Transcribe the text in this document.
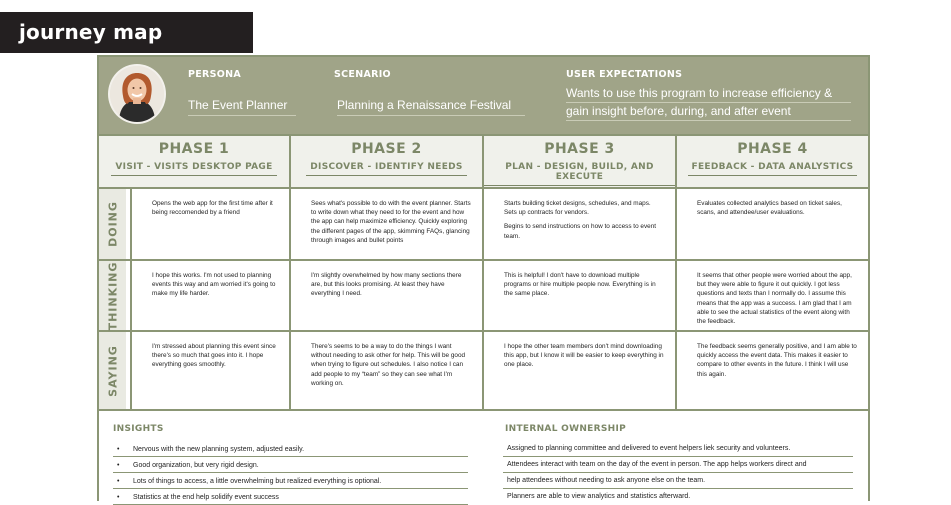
journey map
PERSONA
The Event Planner
SCENARIO
Planning a Renaissance Festival
USER EXPECTATIONS
Wants to use this program to increase efficiency &
gain insight before, during, and after event
PHASE 1
VISIT - VISITS DESKTOP PAGE
PHASE 2
DISCOVER - IDENTIFY NEEDS
PHASE 3
PLAN - DESIGN, BUILD, AND EXECUTE
PHASE 4
FEEDBACK - DATA ANALYSTICS
DOING
THINKING
SAYING

Opens the web app for the first time after it being reccomended by a friend

Sees what's possible to do with the event planner. Starts to write down what they need to for the event and how the app can help maximize efficiency. Quickly exploring the different pages of the app, skimming FAQs, glancing through images and bullet points

Starts building ticket designs, schedules, and maps. Sets up contracts for vendors.

Begins to send instructions on how to access to event team.

Evaluates collected analytics based on ticket sales, scans, and attendee/user evaluations.

I hope this works. I'm not used to planning events this way and am worried it's going to make my life harder.

I'm slightly overwhelmed by how many sections there are, but this looks promising. At least they have everything I need.

This is helpful! I don't have to download multiple programs or hire multiple people now. Everything is in the same place.

It seems that other people were worried about the app, but they were able to figure it out quickly. I got less questions and texts than I normally do. I assume this means that the app was a success. I am glad that I am able to see the actual statistics of the event along with the feedback.

I'm stressed about planning this event since there's so much that goes into it. I hope everything goes smoothly.

There's seems to be a way to do the things I want without needing to ask other for help. This will be good when trying to figure out schedules. I also notice I can add people to my “team” so they can see what I'm working on.

I hope the other team members don't mind downloading this app, but I know it will be easier to keep everything in one place.

The feedback seems generally positive, and I am able to quickly access the event data. This makes it easier to compare to other events in the future. I think I will use this again.

INSIGHTS
• Nervous with the new planning system, adjusted easily.
• Good organization, but very rigid design.
• Lots of things to access, a little overwhelming but realized everything is optional.
• Statistics at the end help solidify event success
INTERNAL OWNERSHIP
Assigned to planning committee and delivered to event helpers liek security and volunteers.
Attendees interact with team on the day of the event in person. The app helps workers direct and
help attendees without needing to ask anyone else on the team.
Planners are able to view analytics and statistics afterward.
